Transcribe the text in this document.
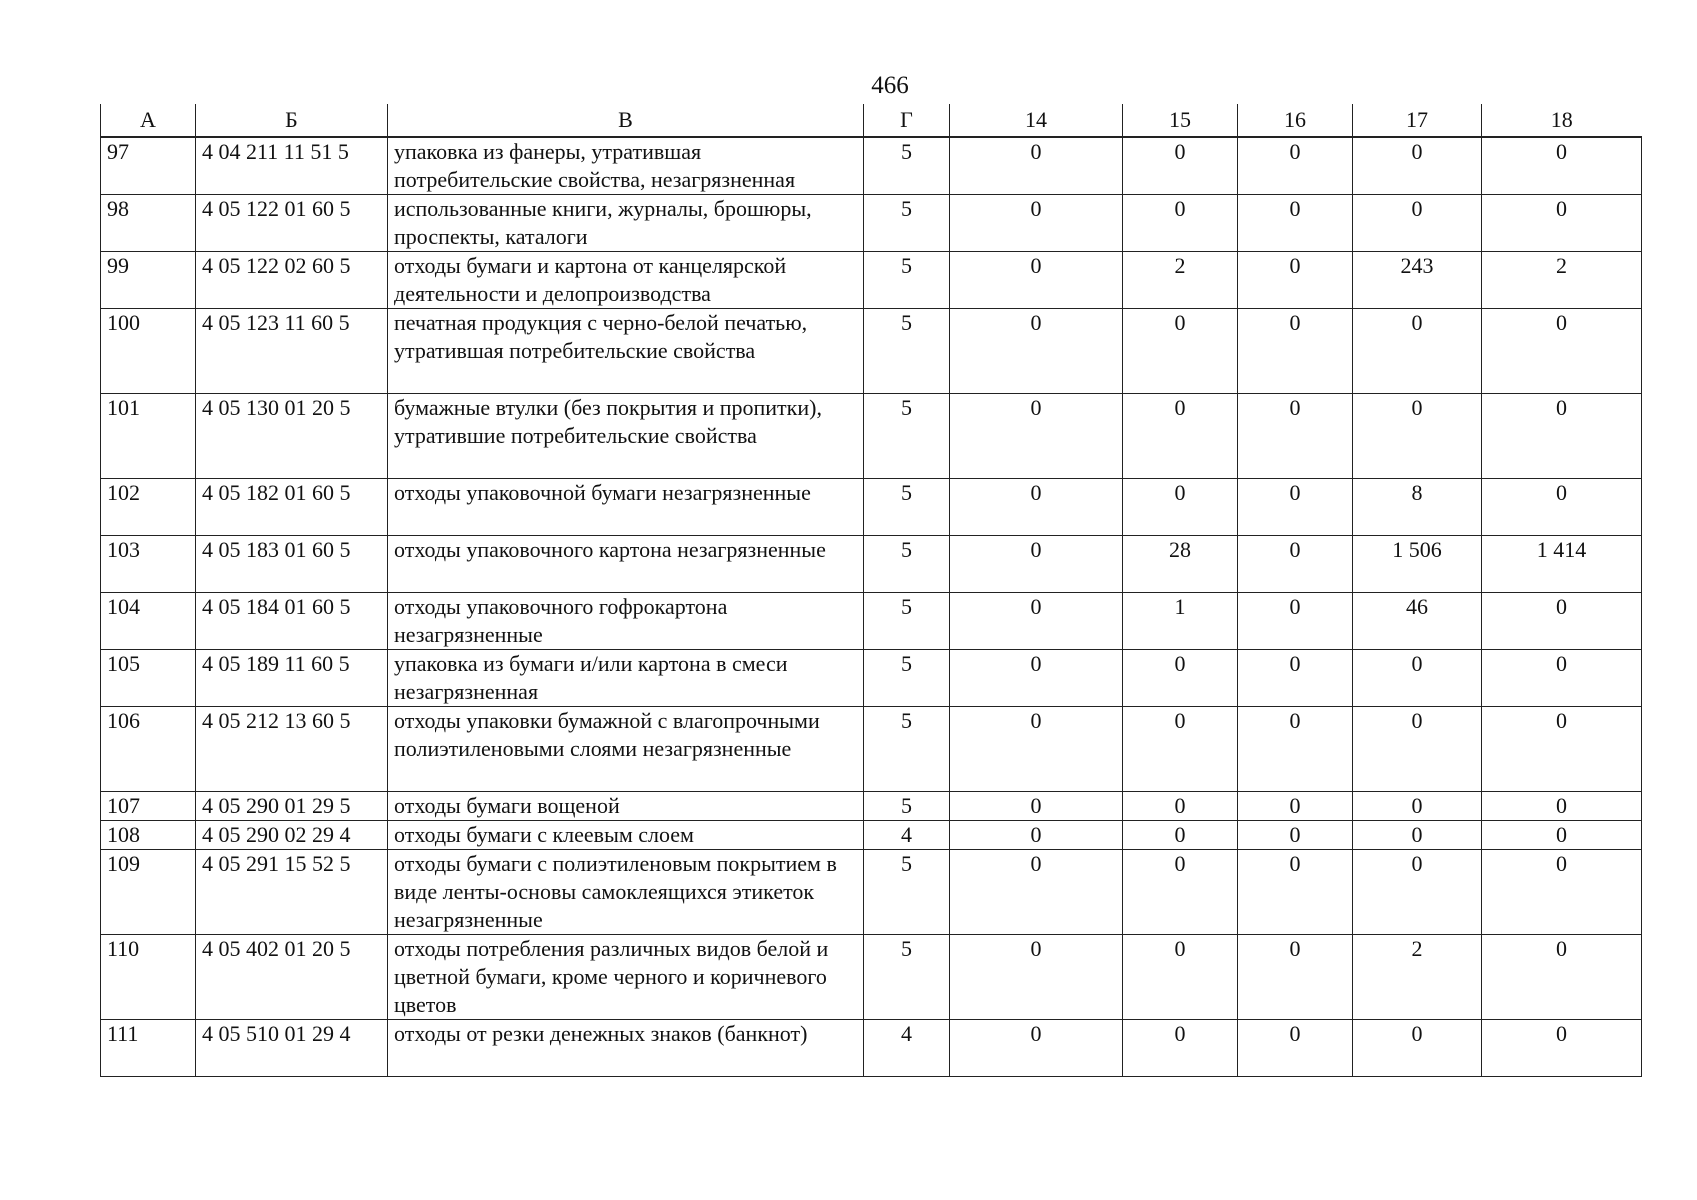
466
А	Б	В	Г	14	15	16	17	18
97	4 04 211 11 51 5	упаковка из фанеры, утратившая потребительские свойства, незагрязненная	5	0	0	0	0	0
98	4 05 122 01 60 5	использованные книги, журналы, брошюры, проспекты, каталоги	5	0	0	0	0	0
99	4 05 122 02 60 5	отходы бумаги и картона от канцелярской деятельности и делопроизводства	5	0	2	0	243	2
100	4 05 123 11 60 5	печатная продукция с черно-белой печатью, утратившая потребительские свойства	5	0	0	0	0	0
101	4 05 130 01 20 5	бумажные втулки (без покрытия и пропитки), утратившие потребительские свойства	5	0	0	0	0	0
102	4 05 182 01 60 5	отходы упаковочной бумаги незагрязненные	5	0	0	0	8	0
103	4 05 183 01 60 5	отходы упаковочного картона незагрязненные	5	0	28	0	1 506	1 414
104	4 05 184 01 60 5	отходы упаковочного гофрокартона незагрязненные	5	0	1	0	46	0
105	4 05 189 11 60 5	упаковка из бумаги и/или картона в смеси незагрязненная	5	0	0	0	0	0
106	4 05 212 13 60 5	отходы упаковки бумажной с влагопрочными полиэтиленовыми слоями незагрязненные	5	0	0	0	0	0
107	4 05 290 01 29 5	отходы бумаги вощеной	5	0	0	0	0	0
108	4 05 290 02 29 4	отходы бумаги с клеевым слоем	4	0	0	0	0	0
109	4 05 291 15 52 5	отходы бумаги с полиэтиленовым покрытием в виде ленты-основы самоклеящихся этикеток незагрязненные	5	0	0	0	0	0
110	4 05 402 01 20 5	отходы потребления различных видов белой и цветной бумаги, кроме черного и коричневого цветов	5	0	0	0	2	0
111	4 05 510 01 29 4	отходы от резки денежных знаков (банкнот)	4	0	0	0	0	0
